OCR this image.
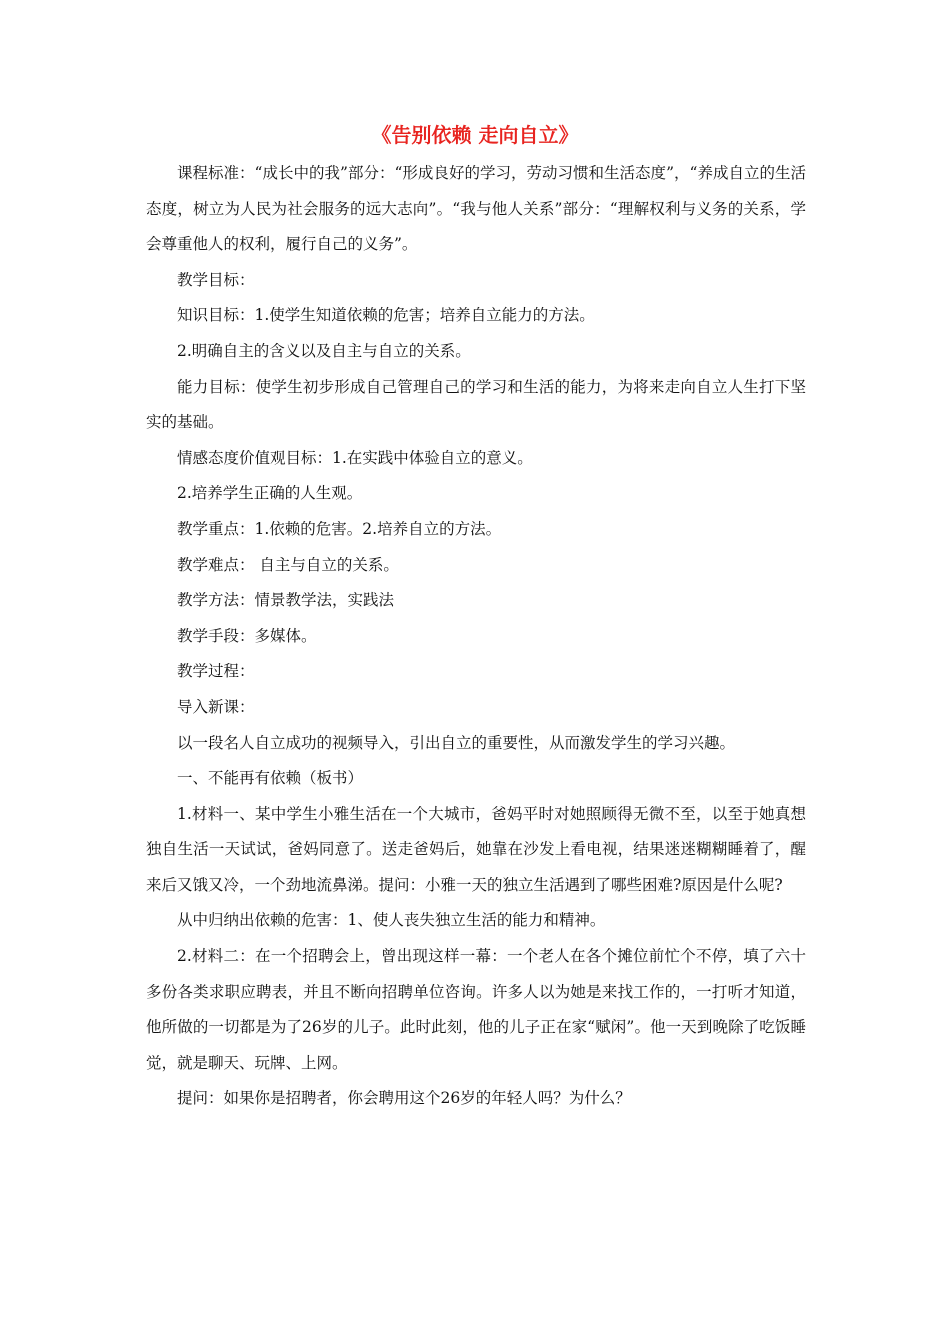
《告别依赖 走向自立》

课程标准：“成长中的我”部分：“形成良好的学习，劳动习惯和生活态度”，“养成自立的生活态度，树立为人民为社会服务的远大志向”。“我与他人关系”部分：“理解权利与义务的关系，学会尊重他人的权利，履行自己的义务”。

教学目标：

知识目标：1.使学生知道依赖的危害；培养自立能力的方法。

2.明确自主的含义以及自主与自立的关系。

能力目标：使学生初步形成自己管理自己的学习和生活的能力，为将来走向自立人生打下坚实的基础。

情感态度价值观目标：1.在实践中体验自立的意义。

2.培养学生正确的人生观。

教学重点：1.依赖的危害。2.培养自立的方法。

教学难点： 自主与自立的关系。

教学方法：情景教学法，实践法

教学手段：多媒体。

教学过程：

导入新课：

以一段名人自立成功的视频导入，引出自立的重要性，从而激发学生的学习兴趣。

一、不能再有依赖（板书）

1.材料一、某中学生小雅生活在一个大城市，爸妈平时对她照顾得无微不至，以至于她真想独自生活一天试试，爸妈同意了。送走爸妈后，她靠在沙发上看电视，结果迷迷糊糊睡着了，醒来后又饿又冷，一个劲地流鼻涕。提问：小雅一天的独立生活遇到了哪些困难?原因是什么呢?

从中归纳出依赖的危害：1、使人丧失独立生活的能力和精神。

2.材料二：在一个招聘会上，曾出现这样一幕：一个老人在各个摊位前忙个不停，填了六十多份各类求职应聘表，并且不断向招聘单位咨询。许多人以为她是来找工作的，一打听才知道，他所做的一切都是为了26岁的儿子。此时此刻，他的儿子正在家“赋闲”。他一天到晚除了吃饭睡觉，就是聊天、玩牌、上网。

提问：如果你是招聘者，你会聘用这个26岁的年轻人吗？为什么？
